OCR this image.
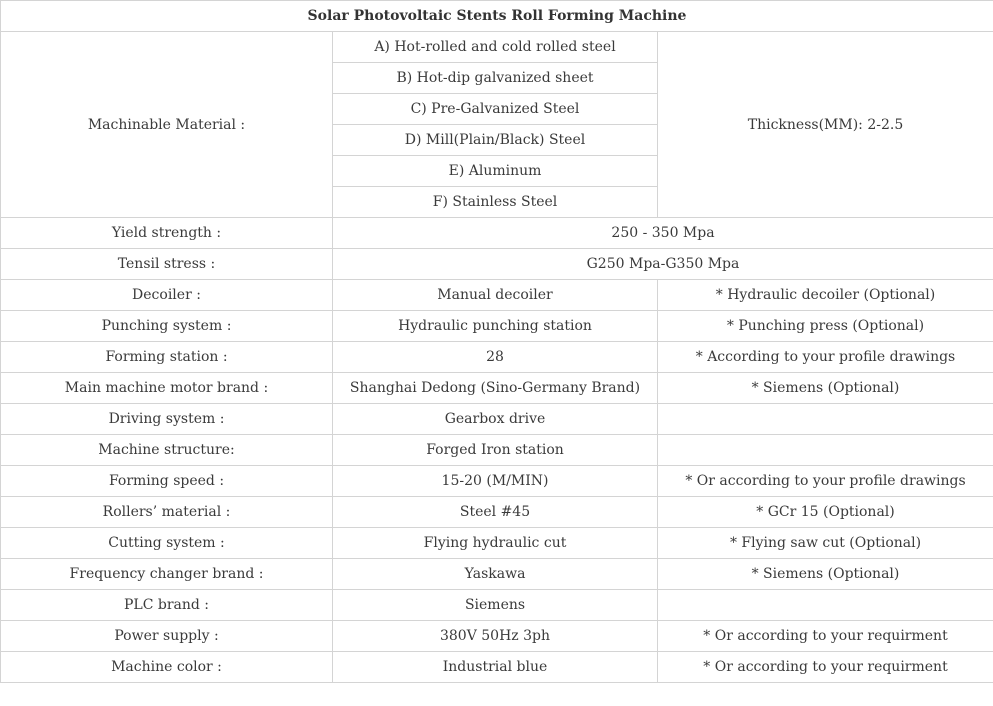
Solar Photovoltaic Stents Roll Forming Machine		
Machinable Material :	A) Hot-rolled and cold rolled steel	Thickness(MM): 2-2.5
	B) Hot-dip galvanized sheet	
	C) Pre-Galvanized Steel	
	D) Mill(Plain/Black) Steel	
	E) Aluminum	
	F) Stainless Steel	
Yield strength :	250 - 350 Mpa	
Tensil stress :	G250 Mpa-G350 Mpa	
Decoiler :	Manual decoiler	* Hydraulic decoiler (Optional)
Punching system :	Hydraulic punching station	* Punching press (Optional)
Forming station :	28	* According to your profile drawings
Main machine motor brand :	Shanghai Dedong (Sino-Germany Brand)	* Siemens (Optional)
Driving system :	Gearbox drive	
Machine structure:	Forged Iron station	
Forming speed :	15-20 (M/MIN)	* Or according to your profile drawings
Rollers’ material :	Steel #45	* GCr 15 (Optional)
Cutting system :	Flying hydraulic cut	* Flying saw cut (Optional)
Frequency changer brand :	Yaskawa	* Siemens (Optional)
PLC brand :	Siemens	
Power supply :	380V 50Hz 3ph	* Or according to your requirment
Machine color :	Industrial blue	* Or according to your requirment
